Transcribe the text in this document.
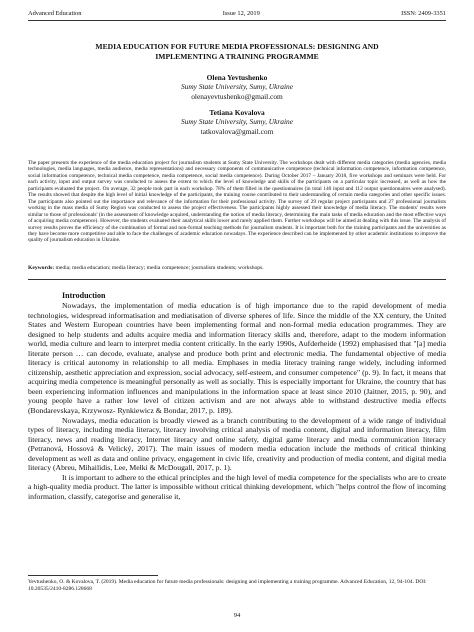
Advanced Education	Issue 12, 2019	ISSN: 2409-3351
MEDIA EDUCATION FOR FUTURE MEDIA PROFESSIONALS: DESIGNING AND
IMPLEMENTING A TRAINING PROGRAMME
Olena Yevtushenko
Sumy State University, Sumy, Ukraine
olenayevtushenko@gmail.com
Tetiana Kovalova
Sumy State University, Sumy, Ukraine
tatkovalova@gmail.com
The paper presents the experience of the media education project for journalism students at Sumy State University. The workshops dealt with different media categories (media agencies, media technologies, media languages, media audience, media representations) and necessary components of communicative competence (technical information competence, information competence, social information competence, technical media competence, media competence, social media competence). During October 2017 – January 2018, five workshops and seminars were held. For each activity, input and output survey was conducted to assess the extent to which the level of knowledge and skills of the participants on a particular topic increased, as well as how the participants evaluated the project. On average, 32 people took part in each workshop. 78% of them filled in the questionnaires (in total 140 input and 112 output questionnaires were analysed). The results showed that despite the high level of initial knowledge of the participants, the training course contributed to their understanding of certain media categories and other specific issues. The participants also pointed out the importance and relevance of the information for their professional activity. The survey of 29 regular project participants and 27 professional journalists working in the mass media of Sumy Region was conducted to assess the project effectiveness. The participants highly assessed their knowledge of media literacy. The students' results were similar to those of professionals' (in the assessment of knowledge acquired, understanding the notion of media literacy, determining the main tasks of media education and the most effective ways of acquiring media competence). However, the students evaluated their analytical skills lower and rarely applied them. Further workshops will be aimed at dealing with this issue. The analysis of survey results proves the efficiency of the combination of formal and non-formal teaching methods for journalism students. It is important both for the training participants and the universities as they have become more competitive and able to face the challenges of academic education nowadays. The experience described can be implemented by other academic institutions to improve the quality of journalism education in Ukraine.
Keywords: media; media education; media literacy; media competence; journalism students; workshops.
Introduction

Nowadays, the implementation of media education is of high importance due to the rapid development of media technologies, widespread informatisation and mediatisation of diverse spheres of life. Since the middle of the XX century, the United States and Western European countries have been implementing formal and non-formal media education programmes. They are designed to help students and adults acquire media and information literacy skills and, therefore, adapt to the modern information world, media culture and learn to interpret media content critically. In the early 1990s, Aufderheide (1992) emphasised that "[a] media literate person … can decode, evaluate, analyse and produce both print and electronic media. The fundamental objective of media literacy is critical autonomy in relationship to all media. Emphases in media literacy training range widely, including informed citizenship, aesthetic appreciation and expression, social advocacy, self-esteem, and consumer competence" (p. 9). In fact, it means that acquiring media competence is meaningful personally as well as socially. This is especially important for Ukraine, the country that has been experiencing information influences and manipulations in the information space at least since 2010 (Jaitner, 2015, p. 90), and young people have a rather low level of citizen activism and are not always able to withstand destructive media effects (Bondarevskaya, Krzywosz- Rynkiewicz & Bondar, 2017, p. 189).

Nowadays, media education is broadly viewed as a branch contributing to the development of a wide range of individual types of literacy, including media literacy, literacy involving critical analysis of media content, digital and information literacy, film literacy, news and reading literacy, Internet literacy and online safety, digital game literacy and media communication literacy (Petranová, Hossová & Velický, 2017). The main issues of modern media education include the methods of critical thinking development as well as data and online privacy, engagement in civic life, creativity and production of media content, and digital media literacy (Abreu, Mihailidis, Lee, Melki & McDougall, 2017, p. 1).

It is important to adhere to the ethical principles and the high level of media competence for the specialists who are to create a high-quality media product. The latter is impossible without critical thinking development, which "helps control the flow of incoming information, classify, categorise and generalise it,

Yevtushenko, O. & Kovalova, T. (2019). Media education for future media professionals: designing and implementing a training programme. Advanced Education, 12, 94-104. DOI: 10.20535/2410-8286.128668
94
